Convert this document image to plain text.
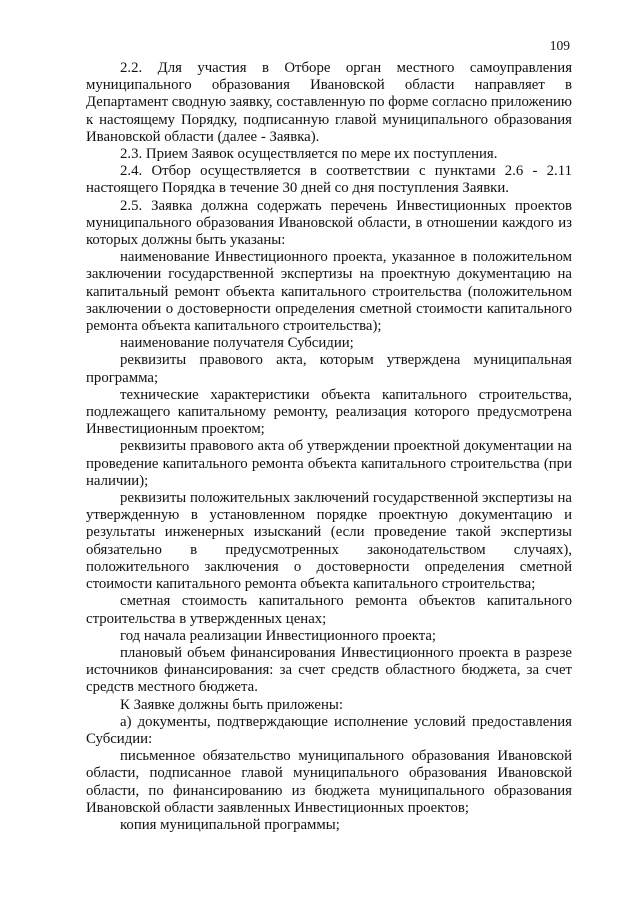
109

2.2. Для участия в Отборе орган местного самоуправления муниципального образования Ивановской области направляет в Департамент сводную заявку, составленную по форме согласно приложению к настоящему Порядку, подписанную главой муниципального образования Ивановской области (далее - Заявка).

2.3. Прием Заявок осуществляется по мере их поступления.

2.4. Отбор осуществляется в соответствии с пунктами 2.6 - 2.11 настоящего Порядка в течение 30 дней со дня поступления Заявки.

2.5. Заявка должна содержать перечень Инвестиционных проектов муниципального образования Ивановской области, в отношении каждого из которых должны быть указаны:

наименование Инвестиционного проекта, указанное в положительном заключении государственной экспертизы на проектную документацию на капитальный ремонт объекта капитального строительства (положительном заключении о достоверности определения сметной стоимости капитального ремонта объекта капитального строительства);

наименование получателя Субсидии;

реквизиты правового акта, которым утверждена муниципальная программа;

технические характеристики объекта капитального строительства, подлежащего капитальному ремонту, реализация которого предусмотрена Инвестиционным проектом;

реквизиты правового акта об утверждении проектной документации на проведение капитального ремонта объекта капитального строительства (при наличии);

реквизиты положительных заключений государственной экспертизы на утвержденную в установленном порядке проектную документацию и результаты инженерных изысканий (если проведение такой экспертизы обязательно в предусмотренных законодательством случаях), положительного заключения о достоверности определения сметной стоимости капитального ремонта объекта капитального строительства;

сметная стоимость капитального ремонта объектов капитального строительства в утвержденных ценах;

год начала реализации Инвестиционного проекта;

плановый объем финансирования Инвестиционного проекта в разрезе источников финансирования: за счет средств областного бюджета, за счет средств местного бюджета.

К Заявке должны быть приложены:

а) документы, подтверждающие исполнение условий предоставления Субсидии:

письменное обязательство муниципального образования Ивановской области, подписанное главой муниципального образования Ивановской области, по финансированию из бюджета муниципального образования Ивановской области заявленных Инвестиционных проектов;

копия муниципальной программы;
